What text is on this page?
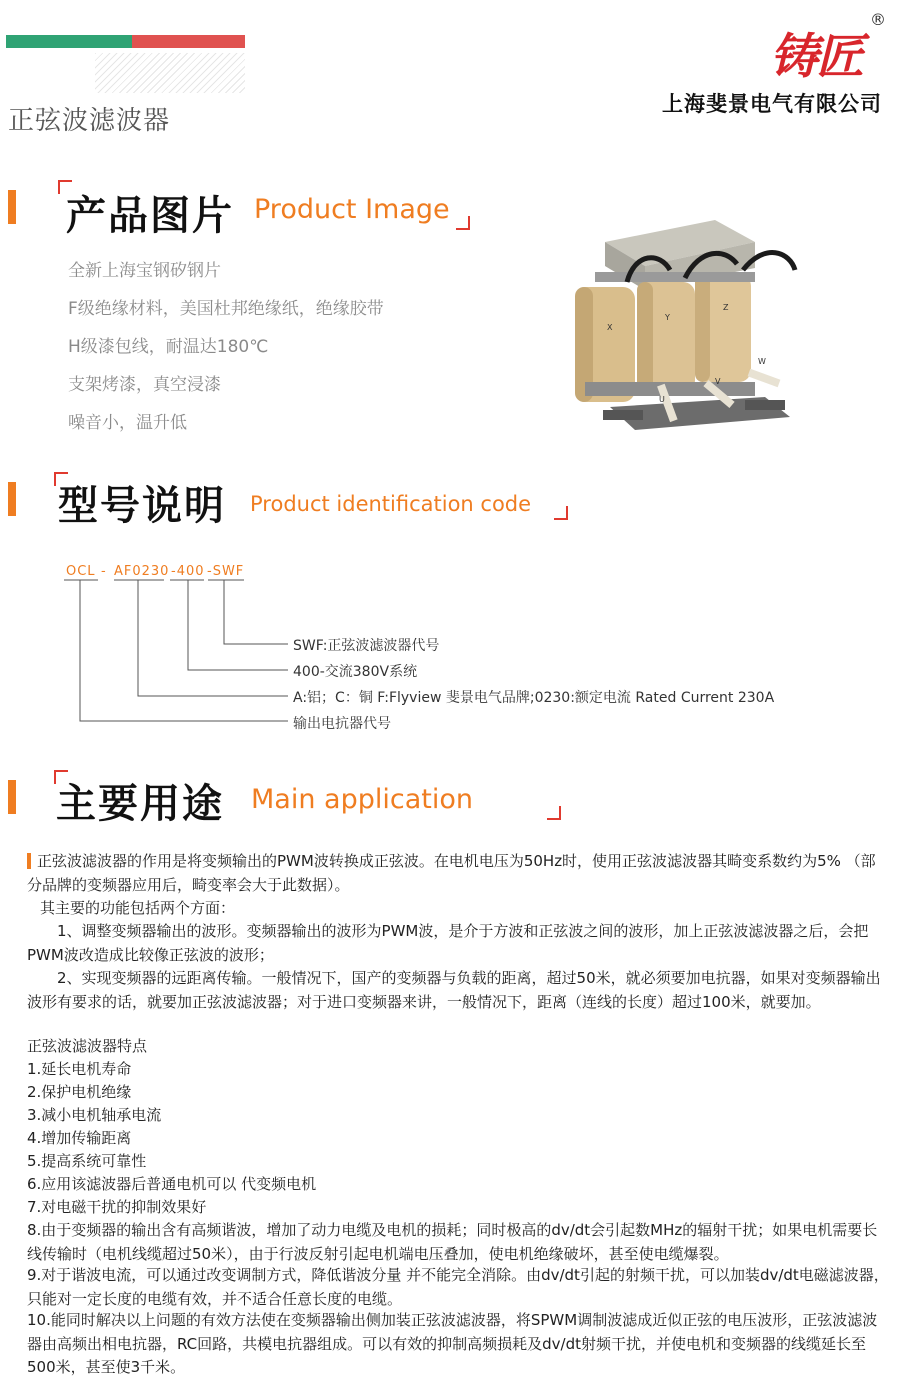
正弦波滤波器
铸匠
®
上海斐景电气有限公司
产品图片 Product Image
全新上海宝钢矽钢片
F级绝缘材料，美国杜邦绝缘纸，绝缘胶带
H级漆包线，耐温达180℃
支架烤漆，真空浸漆
噪音小，温升低
X
Y
Z
U
V
W
型号说明 Product identification code
OCL - AF0230 -400 -SWF
SWF:正弦波滤波器代号
400-交流380V系统
A:铝；C：铜 F:Flyview 斐景电气品牌;0230:额定电流 Rated Current 230A
输出电抗器代号
主要用途 Main application
正弦波滤波器的作用是将变频输出的PWM波转换成正弦波。在电机电压为50Hz时，使用正弦波滤波器其畸变系数约为5% （部分品牌的变频器应用后，畸变率会大于此数据）。
其主要的功能包括两个方面：
1、调整变频器输出的波形。变频器输出的波形为PWM波，是介于方波和正弦波之间的波形，加上正弦波滤波器之后，会把PWM波改造成比较像正弦波的波形；
2、实现变频器的远距离传输。一般情况下，国产的变频器与负载的距离，超过50米，就必须要加电抗器，如果对变频器输出波形有要求的话，就要加正弦波滤波器；对于进口变频器来讲，一般情况下，距离（连线的长度）超过100米，就要加。
正弦波滤波器特点
1.延长电机寿命
2.保护电机绝缘
3.减小电机轴承电流
4.增加传输距离
5.提高系统可靠性
6.应用该滤波器后普通电机可以 代变频电机
7.对电磁干扰的抑制效果好
8.由于变频器的输出含有高频谐波，增加了动力电缆及电机的损耗；同时极高的dv/dt会引起数MHz的辐射干扰；如果电机需要长线传输时（电机线缆超过50米），由于行波反射引起电机端电压叠加，使电机绝缘破坏，甚至使电缆爆裂。
9.对于谐波电流，可以通过改变调制方式，降低谐波分量 并不能完全消除。由dv/dt引起的射频干扰，可以加装dv/dt电磁滤波器， 只能对一定长度的电缆有效，并不适合任意长度的电缆。
10.能同时解决以上问题的有效方法使在变频器输出侧加装正弦波滤波器，将SPWM调制波滤成近似正弦的电压波形，正弦波滤波器由高频出相电抗器，RC回路，共模电抗器组成。可以有效的抑制高频损耗及dv/dt射频干扰，并使电机和变频器的线缆延长至500米，甚至使3千米。
